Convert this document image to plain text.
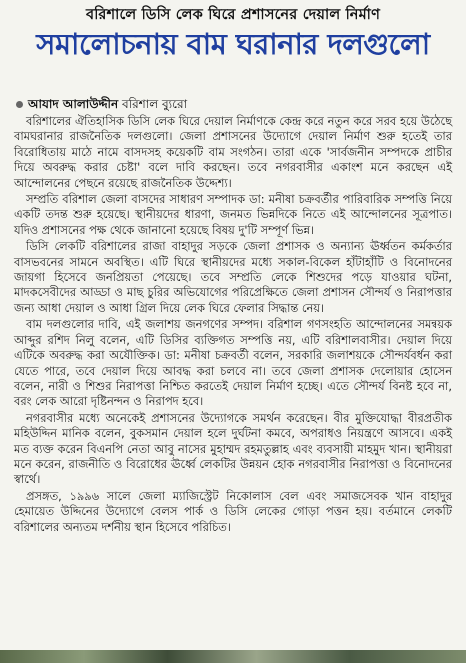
বরিশালে ডিসি লেক ঘিরে প্রশাসনের দেয়াল নির্মাণ
সমালোচনায় বাম ঘরানার দলগুলো
আযাদ আলাউদ্দীন বরিশাল ব্যুরো

বরিশালের ঐতিহাসিক ডিসি লেক ঘিরে দেয়াল নির্মাণকে কেন্দ্র করে নতুন করে সরব হয়ে উঠেছে বামঘরানার রাজনৈতিক দলগুলো। জেলা প্রশাসনের উদ্যোগে দেয়াল নির্মাণ শুরু হতেই তার বিরোধিতায় মাঠে নামে বাসদসহ কয়েকটি বাম সংগঠন। তারা একে 'সার্বজনীন সম্পদকে প্রাচীর দিয়ে অবরুদ্ধ করার চেষ্টা' বলে দাবি করছেন। তবে নগরবাসীর একাংশ মনে করছেন এই আন্দোলনের পেছনে রয়েছে রাজনৈতিক উদ্দেশ্য।

সম্প্রতি বরিশাল জেলা বাসদের সাধারণ সম্পাদক ডা: মনীষা চক্রবর্তীর পারিবারিক সম্পত্তি নিয়ে একটি তদন্ত শুরু হয়েছে। স্থানীয়দের ধারণা, জনমত ভিন্নদিকে নিতে এই আন্দোলনের সূত্রপাত। যদিও প্রশাসনের পক্ষ থেকে জানানো হয়েছে বিষয় দু'টি সম্পূর্ণ ভিন্ন।

ডিসি লেকটি বরিশালের রাজা বাহাদুর সড়কে জেলা প্রশাসক ও অন্যান্য ঊর্ধ্বতন কর্মকর্তার বাসভবনের সামনে অবস্থিত। এটি ঘিরে স্থানীয়দের মধ্যে সকাল-বিকেল হাঁটাহাঁটি ও বিনোদনের জায়গা হিসেবে জনপ্রিয়তা পেয়েছে। তবে সম্প্রতি লেকে শিশুদের পড়ে যাওয়ার ঘটনা, মাদকসেবীদের আড্ডা ও মাছ চুরির অভিযোগের পরিপ্রেক্ষিতে জেলা প্রশাসন সৌন্দর্য ও নিরাপত্তার জন্য আধা দেয়াল ও আধা গ্রিল দিয়ে লেক ঘিরে ফেলার সিদ্ধান্ত নেয়।

বাম দলগুলোর দাবি, এই জলাশয় জনগণের সম্পদ। বরিশাল গণসংহতি আন্দোলনের সমন্বয়ক আব্দুর রশিদ নিলু বলেন, এটি ডিসির ব্যক্তিগত সম্পত্তি নয়, এটি বরিশালবাসীর। দেয়াল দিয়ে এটিকে অবরুদ্ধ করা অযৌক্তিক। ডা: মনীষা চক্রবর্তী বলেন, সরকারি জলাশয়কে সৌন্দর্যবর্ধন করা যেতে পারে, তবে দেয়াল দিয়ে আবদ্ধ করা চলবে না। তবে জেলা প্রশাসক দেলোয়ার হোসেন বলেন, নারী ও শিশুর নিরাপত্তা নিশ্চিত করতেই দেয়াল নির্মাণ হচ্ছে। এতে সৌন্দর্য বিনষ্ট হবে না, বরং লেক আরো দৃষ্টিনন্দন ও নিরাপদ হবে।

নগরবাসীর মধ্যে অনেকেই প্রশাসনের উদ্যোগকে সমর্থন করেছেন। বীর মুক্তিযোদ্ধা বীরপ্রতীক মহিউদ্দিন মানিক বলেন, বুকসমান দেয়াল হলে দুর্ঘটনা কমবে, অপরাধও নিয়ন্ত্রণে আসবে। একই মত ব্যক্ত করেন বিএনপি নেতা আবু নাসের মুহাম্মদ রহমতুল্লাহ এবং ব্যবসায়ী মাহমুদ খান। স্থানীয়রা মনে করেন, রাজনীতি ও বিরোধের ঊর্ধ্বে লেকটির উন্নয়ন হোক নগরবাসীর নিরাপত্তা ও বিনোদনের স্বার্থে।

প্রসঙ্গত, ১৯৯৬ সালে জেলা ম্যাজিস্ট্রেট নিকোলাস বেল এবং সমাজসেবক খান বাহাদুর হেমায়েত উদ্দিনের উদ্যোগে বেলস পার্ক ও ডিসি লেকের গোড়া পত্তন হয়। বর্তমানে লেকটি বরিশালের অন্যতম দর্শনীয় স্থান হিসেবে পরিচিত।
